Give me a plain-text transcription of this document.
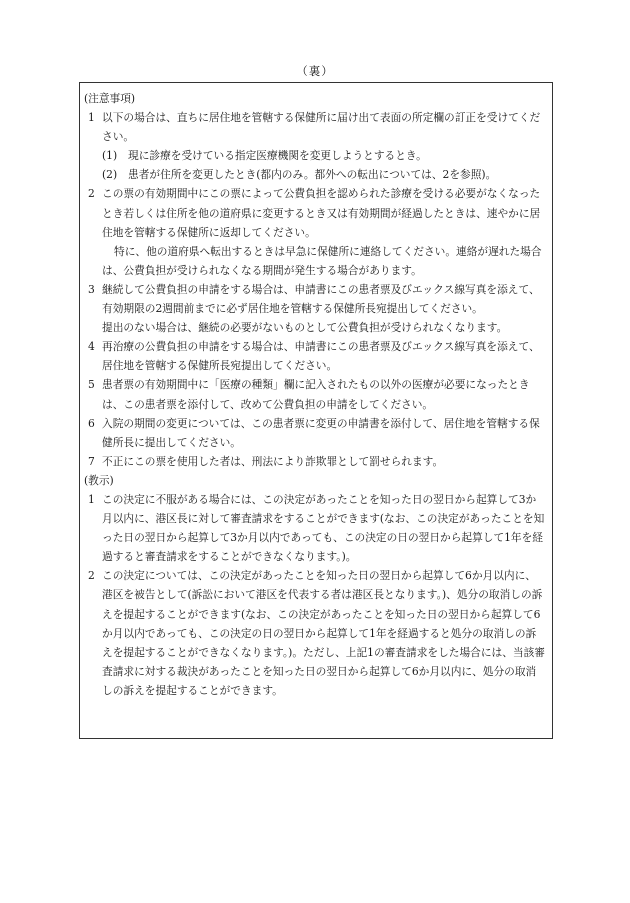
（裏）
(注意事項)
1 以下の場合は、直ちに居住地を管轄する保健所に届け出て表面の所定欄の訂正を受けてください。
(1) 現に診療を受けている指定医療機関を変更しようとするとき。
(2) 患者が住所を変更したとき(都内のみ。都外への転出については、2を参照)。
2 この票の有効期間中にこの票によって公費負担を認められた診療を受ける必要がなくなったとき若しくは住所を他の道府県に変更するとき又は有効期間が経過したときは、速やかに居住地を管轄する保健所に返却してください。
特に、他の道府県へ転出するときは早急に保健所に連絡してください。連絡が遅れた場合は、公費負担が受けられなくなる期間が発生する場合があります。
3 継続して公費負担の申請をする場合は、申請書にこの患者票及びエックス線写真を添えて、有効期限の2週間前までに必ず居住地を管轄する保健所長宛提出してください。
提出のない場合は、継続の必要がないものとして公費負担が受けられなくなります。
4 再治療の公費負担の申請をする場合は、申請書にこの患者票及びエックス線写真を添えて、居住地を管轄する保健所長宛提出してください。
5 患者票の有効期間中に「医療の種類」欄に記入されたもの以外の医療が必要になったときは、この患者票を添付して、改めて公費負担の申請をしてください。
6 入院の期間の変更については、この患者票に変更の申請書を添付して、居住地を管轄する保健所長に提出してください。
7 不正にこの票を使用した者は、刑法により詐欺罪として罰せられます。
(教示)
1 この決定に不服がある場合には、この決定があったことを知った日の翌日から起算して3か月以内に、港区長に対して審査請求をすることができます(なお、この決定があったことを知った日の翌日から起算して3か月以内であっても、この決定の日の翌日から起算して1年を経過すると審査請求をすることができなくなります。)。
2 この決定については、この決定があったことを知った日の翌日から起算して6か月以内に、港区を被告として(訴訟において港区を代表する者は港区長となります。)、処分の取消しの訴えを提起することができます(なお、この決定があったことを知った日の翌日から起算して6か月以内であっても、この決定の日の翌日から起算して1年を経過すると処分の取消しの訴えを提起することができなくなります。)。ただし、上記1の審査請求をした場合には、当該審査請求に対する裁決があったことを知った日の翌日から起算して6か月以内に、処分の取消しの訴えを提起することができます。
